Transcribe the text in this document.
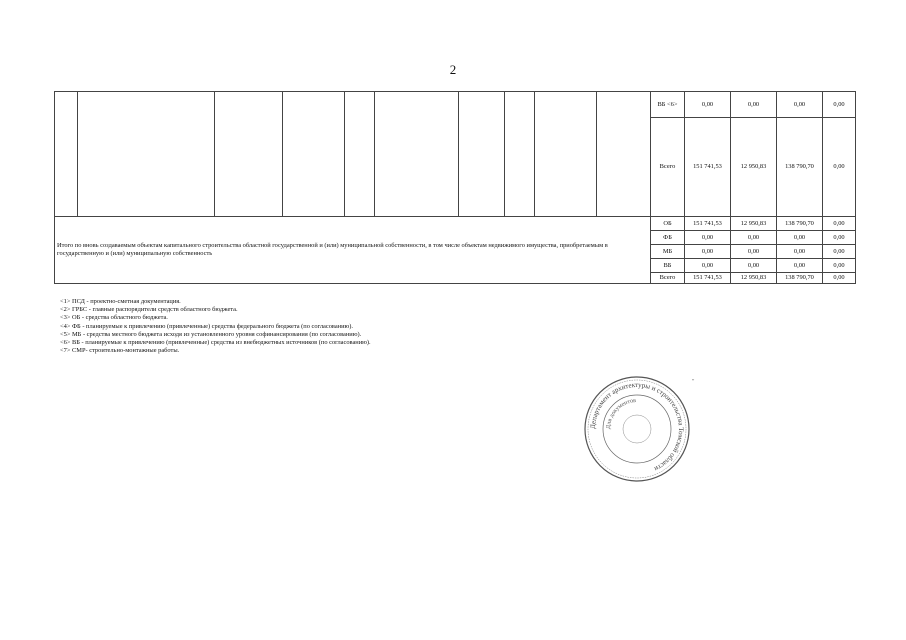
2
										ВБ <6>	0,00	0,00	0,00	0,00
										Всего	151 741,53	12 950,83	138 790,70	0,00
Итого по вновь создаваемым объектам капитального строительства областной государственной и (или) муниципальной собственности, в том числе объектам недвижимого имущества, приобретаемым в государственную и (или) муниципальную собственность										ОБ	151 741,53	12 950,83	138 790,70	0,00
										ФБ	0,00	0,00	0,00	0,00
										МБ	0,00	0,00	0,00	0,00
										ВБ	0,00	0,00	0,00	0,00
										Всего	151 741,53	12 950,83	138 790,70	0,00
<1> ПСД - проектно-сметная документация.
<2> ГРБС - главные распорядители средств областного бюджета.
<3> ОБ - средства областного бюджета.
<4> ФБ - планируемые к привлечению (привлеченные) средства федерального бюджета (по согласованию).
<5> МБ - средства местного бюджета исходя из установленного уровня софинансирования (по согласованию).
<6> ВБ - планируемые к привлечению (привлеченные) средства из внебюджетных источников (по согласованию).
<7> СМР- строительно-монтажные работы.
Департамент архитектуры и строительства Томской области
Для документов
"
